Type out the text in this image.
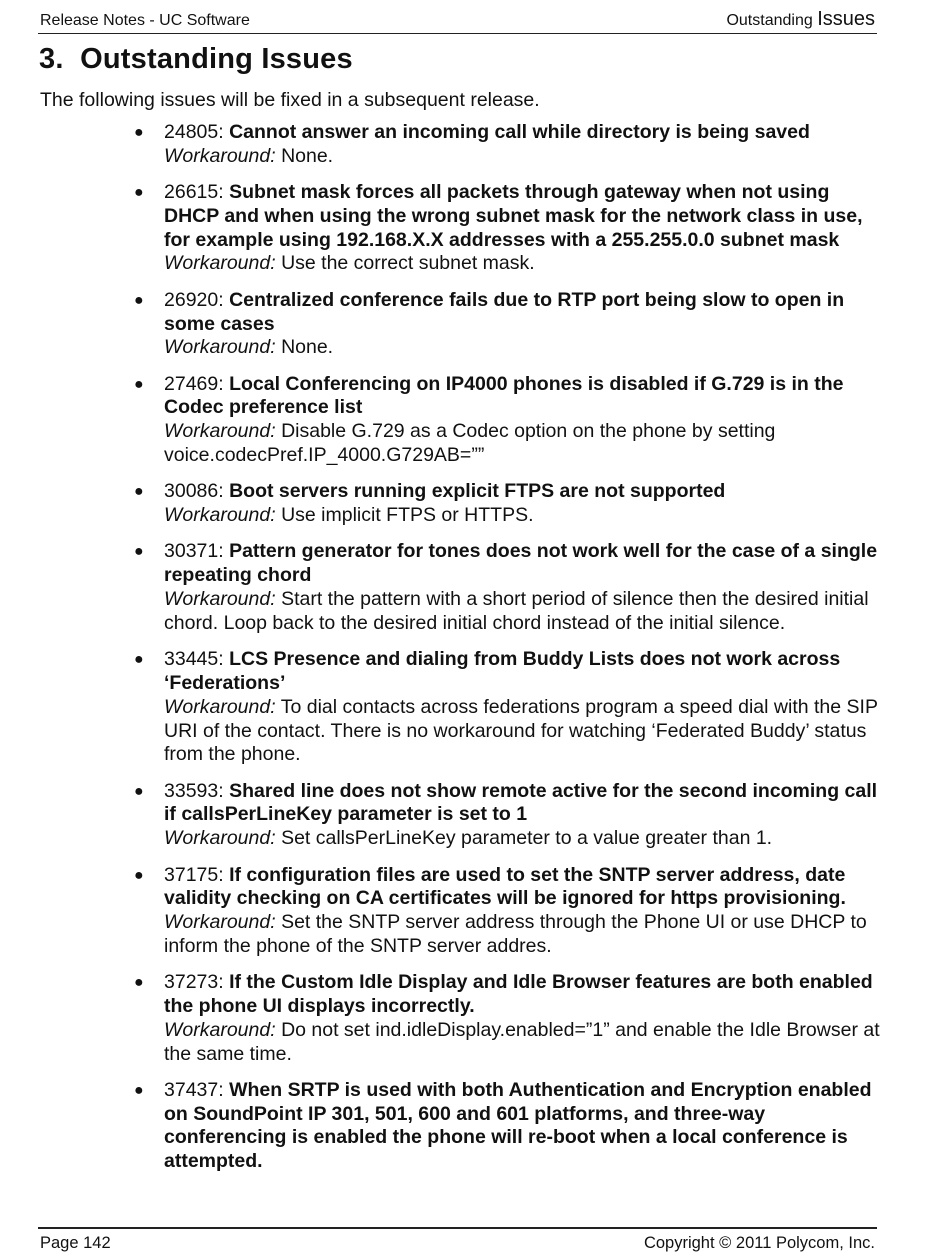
Release Notes - UC Software	Outstanding Issues
3. Outstanding Issues

The following issues will be fixed in a subsequent release.

● 24805: Cannot answer an incoming call while directory is being saved
Workaround: None.
● 26615: Subnet mask forces all packets through gateway when not using DHCP and when using the wrong subnet mask for the network class in use, for example using 192.168.X.X addresses with a 255.255.0.0 subnet mask
Workaround: Use the correct subnet mask.
● 26920: Centralized conference fails due to RTP port being slow to open in some cases
Workaround: None.
● 27469: Local Conferencing on IP4000 phones is disabled if G.729 is in the Codec preference list
Workaround: Disable G.729 as a Codec option on the phone by setting voice.codecPref.IP_4000.G729AB=””
● 30086: Boot servers running explicit FTPS are not supported
Workaround: Use implicit FTPS or HTTPS.
● 30371: Pattern generator for tones does not work well for the case of a single repeating chord
Workaround: Start the pattern with a short period of silence then the desired initial chord. Loop back to the desired initial chord instead of the initial silence.
● 33445: LCS Presence and dialing from Buddy Lists does not work across ‘Federations’
Workaround: To dial contacts across federations program a speed dial with the SIP URI of the contact. There is no workaround for watching ‘Federated Buddy’ status from the phone.
● 33593: Shared line does not show remote active for the second incoming call if callsPerLineKey parameter is set to 1
Workaround: Set callsPerLineKey parameter to a value greater than 1.
● 37175: If configuration files are used to set the SNTP server address, date validity checking on CA certificates will be ignored for https provisioning.
Workaround: Set the SNTP server address through the Phone UI or use DHCP to inform the phone of the SNTP server addres.
● 37273: If the Custom Idle Display and Idle Browser features are both enabled the phone UI displays incorrectly.
Workaround: Do not set ind.idleDisplay.enabled=”1” and enable the Idle Browser at the same time.
● 37437: When SRTP is used with both Authentication and Encryption enabled on SoundPoint IP 301, 501, 600 and 601 platforms, and three-way conferencing is enabled the phone will re-boot when a local conference is attempted.
Page 142	Copyright © 2011 Polycom, Inc.
